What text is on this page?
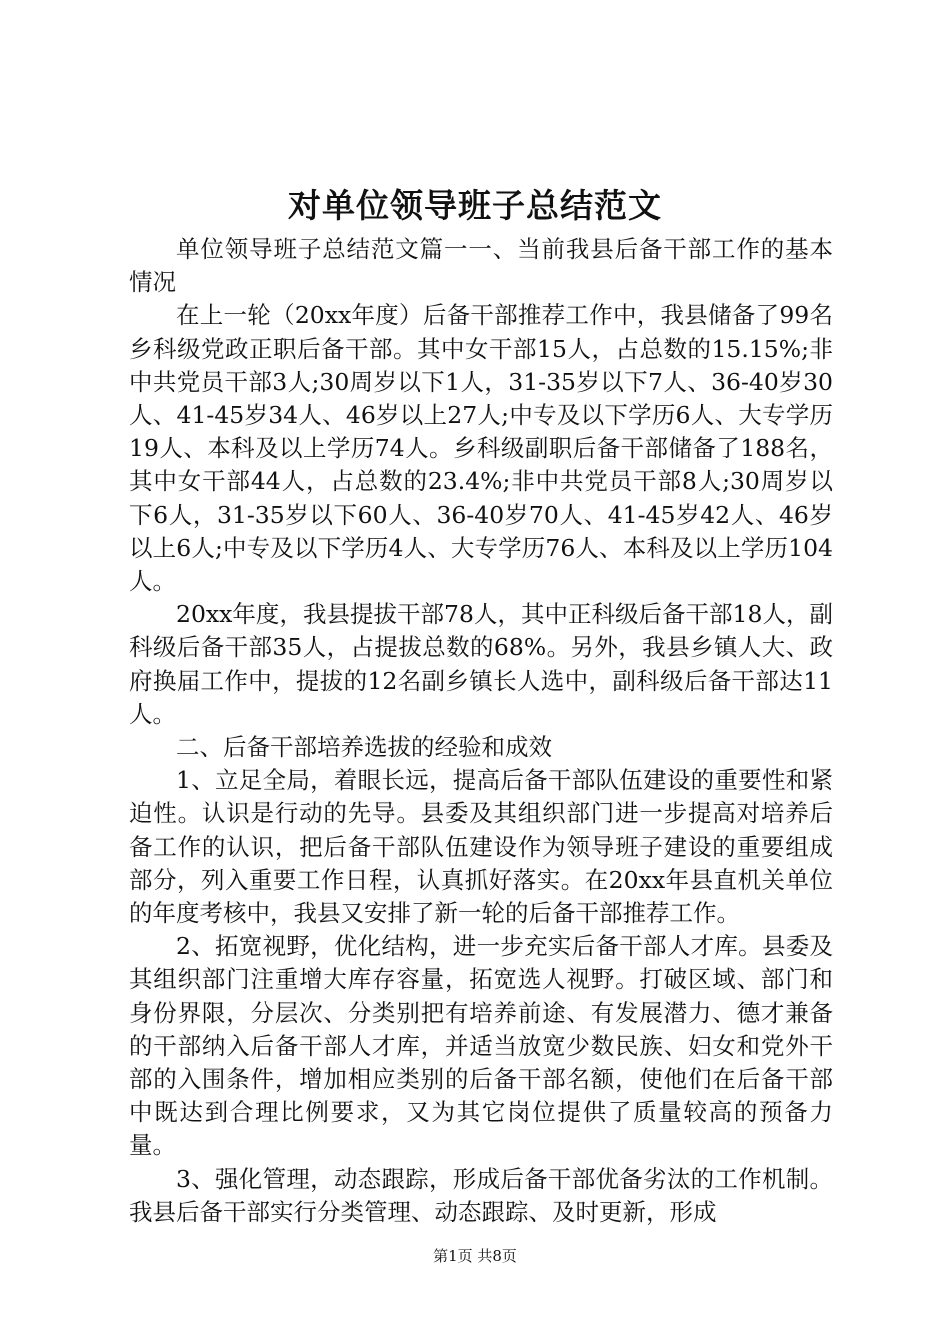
对单位领导班子总结范文

单位领导班子总结范文篇一一、当前我县后备干部工作的基本情况

在上一轮（20xx年度）后备干部推荐工作中，我县储备了99名乡科级党政正职后备干部。其中女干部15人，占总数的15.15%;非中共党员干部3人;30周岁以下1人，31-35岁以下7人、36-40岁30人、41-45岁34人、46岁以上27人;中专及以下学历6人、大专学历19人、本科及以上学历74人。乡科级副职后备干部储备了188名，其中女干部44人，占总数的23.4%;非中共党员干部8人;30周岁以下6人，31-35岁以下60人、36-40岁70人、41-45岁42人、46岁以上6人;中专及以下学历4人、大专学历76人、本科及以上学历104人。

20xx年度，我县提拔干部78人，其中正科级后备干部18人，副科级后备干部35人，占提拔总数的68%。另外，我县乡镇人大、政府换届工作中，提拔的12名副乡镇长人选中，副科级后备干部达11人。

二、后备干部培养选拔的经验和成效

1、立足全局，着眼长远，提高后备干部队伍建设的重要性和紧迫性。认识是行动的先导。县委及其组织部门进一步提高对培养后备工作的认识，把后备干部队伍建设作为领导班子建设的重要组成部分，列入重要工作日程，认真抓好落实。在20xx年县直机关单位的年度考核中，我县又安排了新一轮的后备干部推荐工作。

2、拓宽视野，优化结构，进一步充实后备干部人才库。县委及其组织部门注重增大库存容量，拓宽选人视野。打破区域、部门和身份界限，分层次、分类别把有培养前途、有发展潜力、德才兼备的干部纳入后备干部人才库，并适当放宽少数民族、妇女和党外干部的入围条件，增加相应类别的后备干部名额，使他们在后备干部中既达到合理比例要求，又为其它岗位提供了质量较高的预备力量。

3、强化管理，动态跟踪，形成后备干部优备劣汰的工作机制。我县后备干部实行分类管理、动态跟踪、及时更新，形成

第1页 共8页
